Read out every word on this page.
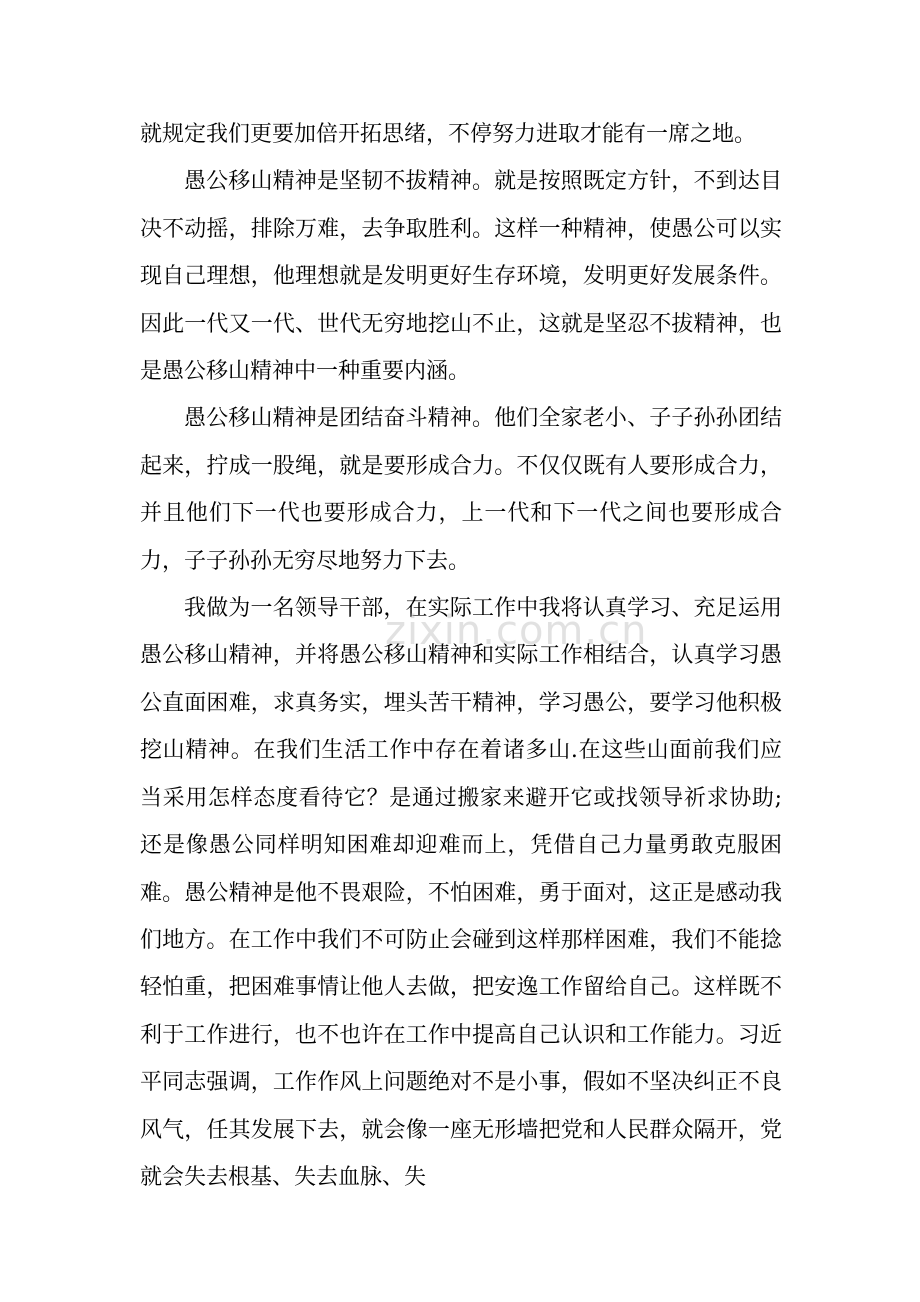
就规定我们更要加倍开拓思绪，不停努力进取才能有一席之地。

愚公移山精神是坚韧不拔精神。就是按照既定方针，不到达目决不动摇，排除万难，去争取胜利。这样一种精神，使愚公可以实现自己理想，他理想就是发明更好生存环境，发明更好发展条件。因此一代又一代、世代无穷地挖山不止，这就是坚忍不拔精神，也是愚公移山精神中一种重要内涵。

愚公移山精神是团结奋斗精神。他们全家老小、子子孙孙团结起来，拧成一股绳，就是要形成合力。不仅仅既有人要形成合力，并且他们下一代也要形成合力，上一代和下一代之间也要形成合力，子子孙孙无穷尽地努力下去。

我做为一名领导干部，在实际工作中我将认真学习、充足运用愚公移山精神，并将愚公移山精神和实际工作相结合，认真学习愚公直面困难，求真务实，埋头苦干精神，学习愚公，要学习他积极挖山精神。在我们生活工作中存在着诸多山.在这些山面前我们应当采用怎样态度看待它？是通过搬家来避开它或找领导祈求协助;还是像愚公同样明知困难却迎难而上，凭借自己力量勇敢克服困难。愚公精神是他不畏艰险，不怕困难，勇于面对，这正是感动我们地方。在工作中我们不可防止会碰到这样那样困难，我们不能捻轻怕重，把困难事情让他人去做，把安逸工作留给自己。这样既不利于工作进行，也不也许在工作中提高自己认识和工作能力。习近平同志强调，工作作风上问题绝对不是小事，假如不坚决纠正不良风气，任其发展下去，就会像一座无形墙把党和人民群众隔开，党就会失去根基、失去血脉、失

zixin.com.cn
